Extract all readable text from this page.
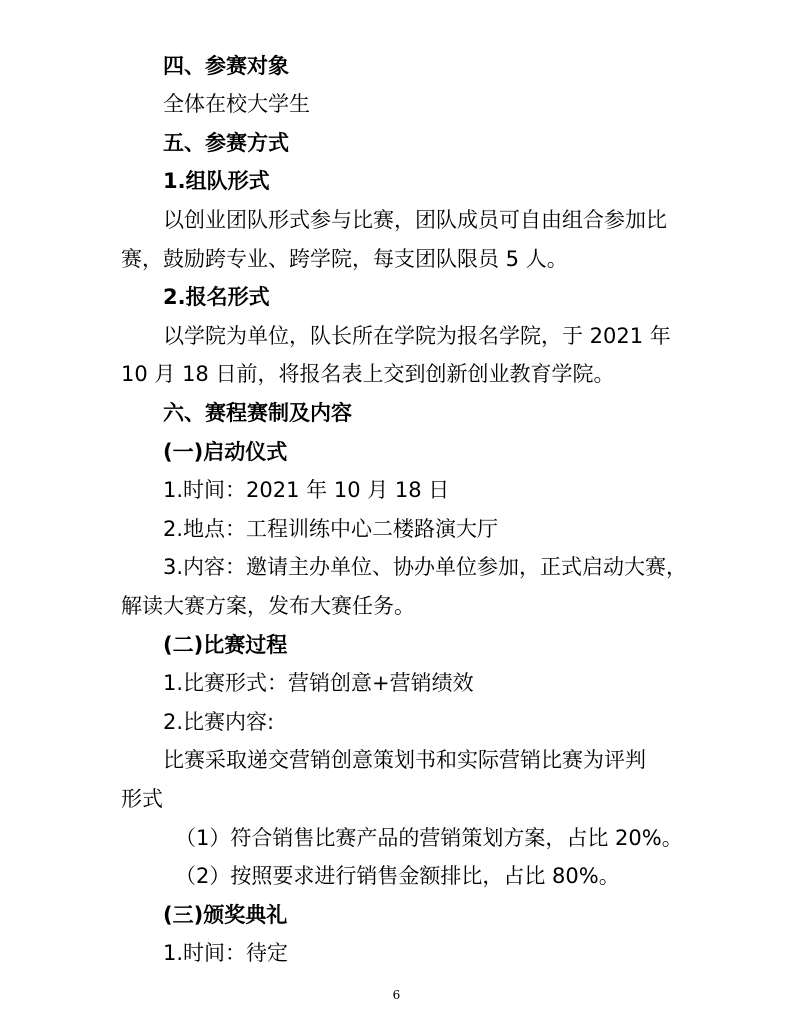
四、参赛对象
全体在校大学生
五、参赛方式
1.组队形式
以创业团队形式参与比赛，团队成员可自由组合参加比
赛，鼓励跨专业、跨学院，每支团队限员 5 人。
2.报名形式
以学院为单位，队长所在学院为报名学院，于 2021 年
10 月 18 日前，将报名表上交到创新创业教育学院。
六、赛程赛制及内容
(一)启动仪式
1.时间：2021 年 10 月 18 日
2.地点：工程训练中心二楼路演大厅
3.内容：邀请主办单位、协办单位参加，正式启动大赛，
解读大赛方案，发布大赛任务。
(二)比赛过程
1.比赛形式：营销创意+营销绩效
2.比赛内容:
比赛采取递交营销创意策划书和实际营销比赛为评判
形式
（1）符合销售比赛产品的营销策划方案，占比 20%。
（2）按照要求进行销售金额排比，占比 80%。
(三)颁奖典礼
1.时间：待定
6
